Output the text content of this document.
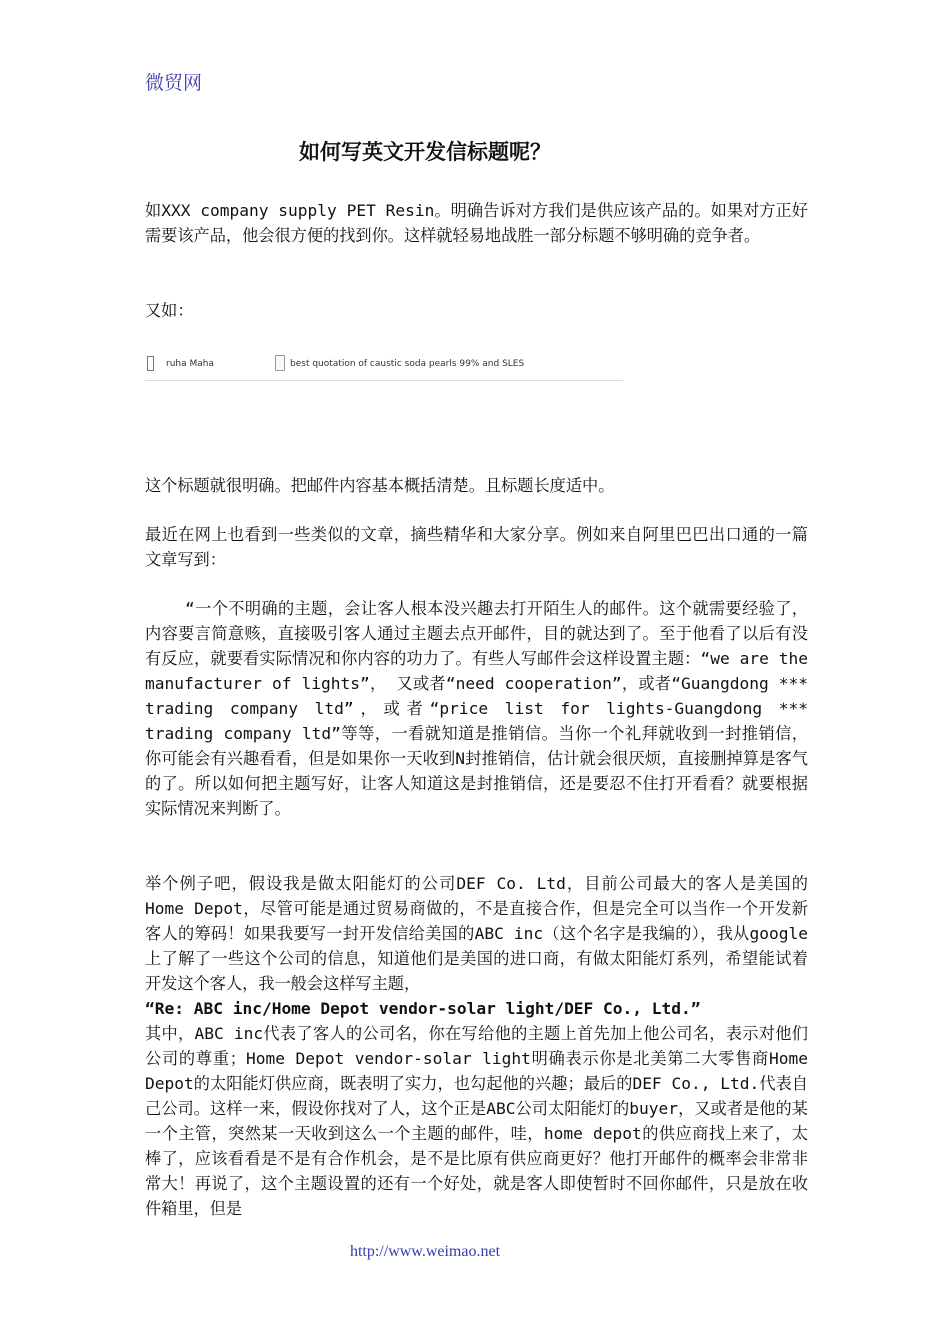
微贸网
如何写英文开发信标题呢？
如XXX company supply PET Resin。明确告诉对方我们是供应该产品的。如果对方正好需要该产品，他会很方便的找到你。这样就轻易地战胜一部分标题不够明确的竞争者。
又如：
ruha Maha	best quotation of caustic soda pearls 99% and SLES
这个标题就很明确。把邮件内容基本概括清楚。且标题长度适中。
最近在网上也看到一些类似的文章，摘些精华和大家分享。例如来自阿里巴巴出口通的一篇文章写到：
“一个不明确的主题，会让客人根本没兴趣去打开陌生人的邮件。这个就需要经验了，内容要言简意赅，直接吸引客人通过主题去点开邮件，目的就达到了。至于他看了以后有没有反应，就要看实际情况和你内容的功力了。有些人写邮件会这样设置主题：“we are the manufacturer of lights”， 又或者“need cooperation”，或者“Guangdong *** trading company ltd”，或者“price list for lights-Guangdong *** trading company ltd”等等，一看就知道是推销信。当你一个礼拜就收到一封推销信，你可能会有兴趣看看，但是如果你一天收到N封推销信，估计就会很厌烦，直接删掉算是客气的了。所以如何把主题写好，让客人知道这是封推销信，还是要忍不住打开看看？就要根据实际情况来判断了。
举个例子吧，假设我是做太阳能灯的公司DEF Co. Ltd，目前公司最大的客人是美国的Home Depot，尽管可能是通过贸易商做的，不是直接合作，但是完全可以当作一个开发新客人的筹码！如果我要写一封开发信给美国的ABC inc（这个名字是我编的），我从google上了解了一些这个公司的信息，知道他们是美国的进口商，有做太阳能灯系列，希望能试着开发这个客人，我一般会这样写主题，
“Re: ABC inc/Home Depot vendor-solar light/DEF Co., Ltd.”
其中，ABC inc代表了客人的公司名，你在写给他的主题上首先加上他公司名，表示对他们公司的尊重；Home Depot vendor-solar light明确表示你是北美第二大零售商Home Depot的太阳能灯供应商，既表明了实力，也勾起他的兴趣；最后的DEF Co., Ltd.代表自己公司。这样一来，假设你找对了人，这个正是ABC公司太阳能灯的buyer，又或者是他的某一个主管，突然某一天收到这么一个主题的邮件，哇，home depot的供应商找上来了，太棒了，应该看看是不是有合作机会，是不是比原有供应商更好？他打开邮件的概率会非常非常大！再说了，这个主题设置的还有一个好处，就是客人即使暂时不回你邮件，只是放在收件箱里，但是
http://www.weimao.net
